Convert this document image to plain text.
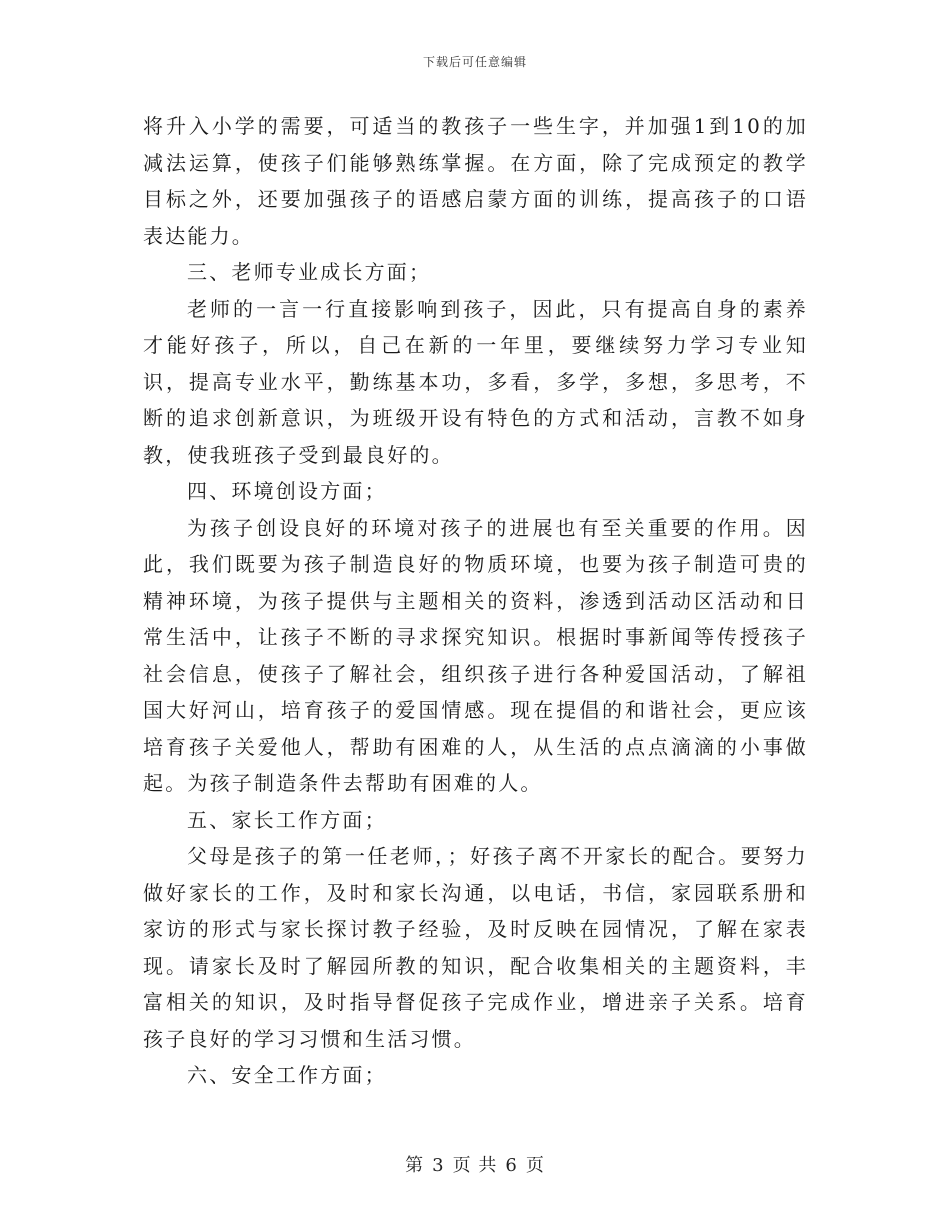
下载后可任意编辑

将升入小学的需要，可适当的教孩子一些生字，并加强1到10的加减法运算，使孩子们能够熟练掌握。在方面，除了完成预定的教学目标之外，还要加强孩子的语感启蒙方面的训练，提高孩子的口语表达能力。

三、老师专业成长方面；

老师的一言一行直接影响到孩子，因此，只有提高自身的素养才能好孩子，所以，自己在新的一年里，要继续努力学习专业知识，提高专业水平，勤练基本功，多看，多学，多想，多思考，不断的追求创新意识，为班级开设有特色的方式和活动，言教不如身教，使我班孩子受到最良好的。

四、环境创设方面；

为孩子创设良好的环境对孩子的进展也有至关重要的作用。因此，我们既要为孩子制造良好的物质环境，也要为孩子制造可贵的精神环境，为孩子提供与主题相关的资料，渗透到活动区活动和日常生活中，让孩子不断的寻求探究知识。根据时事新闻等传授孩子社会信息，使孩子了解社会，组织孩子进行各种爱国活动，了解祖国大好河山，培育孩子的爱国情感。现在提倡的和谐社会，更应该培育孩子关爱他人，帮助有困难的人，从生活的点点滴滴的小事做起。为孩子制造条件去帮助有困难的人。

五、家长工作方面；

父母是孩子的第一任老师，；好孩子离不开家长的配合。要努力做好家长的工作，及时和家长沟通，以电话，书信，家园联系册和家访的形式与家长探讨教子经验，及时反映在园情况，了解在家表现。请家长及时了解园所教的知识，配合收集相关的主题资料，丰富相关的知识，及时指导督促孩子完成作业，增进亲子关系。培育孩子良好的学习习惯和生活习惯。

六、安全工作方面；

第 3 页 共 6 页
